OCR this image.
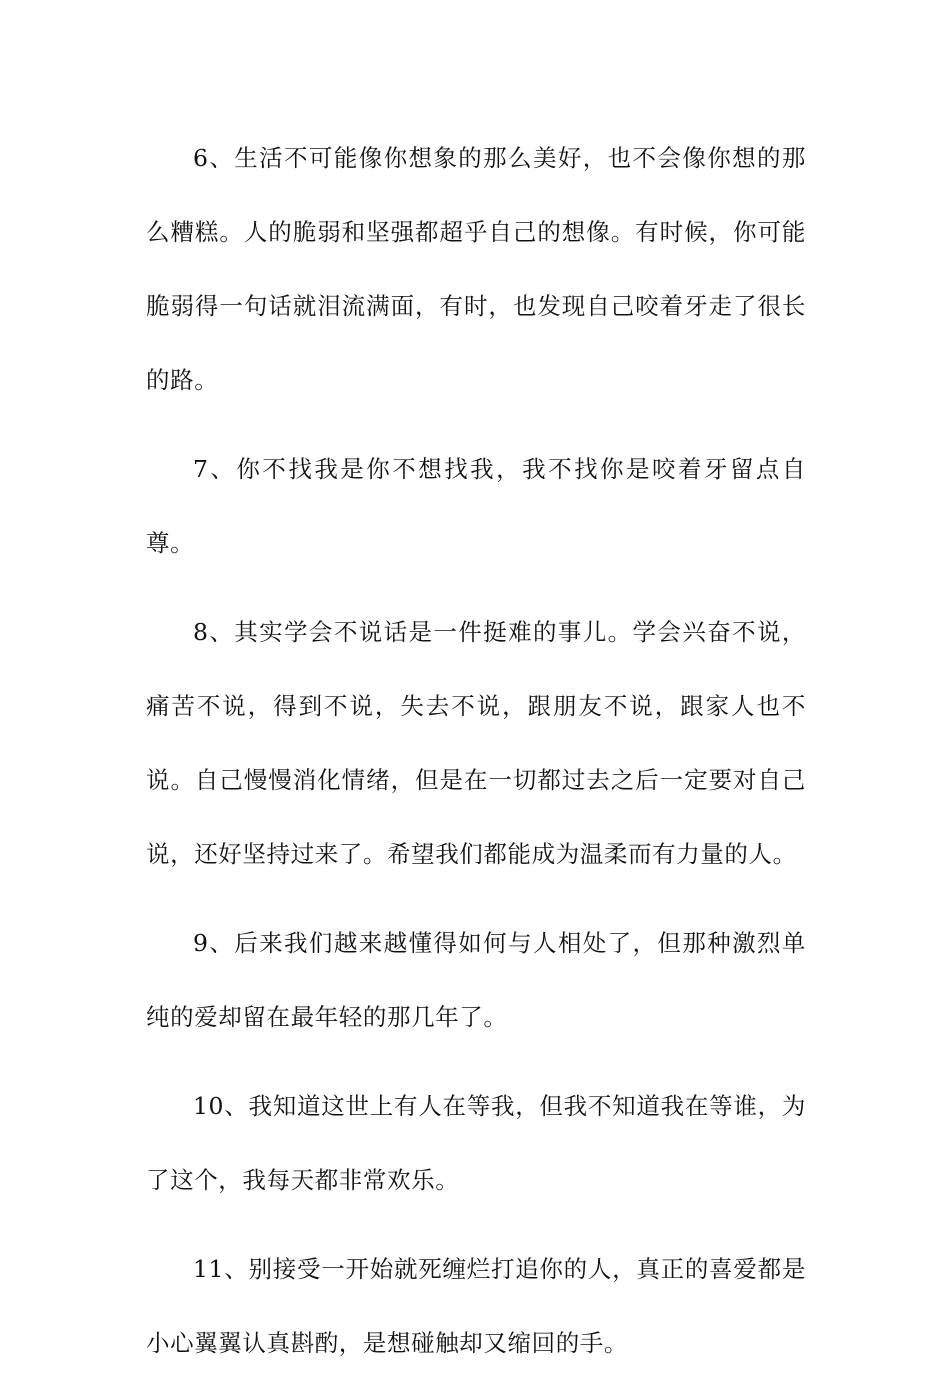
6、生活不可能像你想象的那么美好，也不会像你想的那么糟糕。人的脆弱和坚强都超乎自己的想像。有时候，你可能脆弱得一句话就泪流满面，有时，也发现自己咬着牙走了很长的路。

7、你不找我是你不想找我，我不找你是咬着牙留点自尊。

8、其实学会不说话是一件挺难的事儿。学会兴奋不说，痛苦不说，得到不说，失去不说，跟朋友不说，跟家人也不说。自己慢慢消化情绪，但是在一切都过去之后一定要对自己说，还好坚持过来了。希望我们都能成为温柔而有力量的人。

9、后来我们越来越懂得如何与人相处了，但那种激烈单纯的爱却留在最年轻的那几年了。

10、我知道这世上有人在等我，但我不知道我在等谁，为了这个，我每天都非常欢乐。

11、别接受一开始就死缠烂打追你的人，真正的喜爱都是小心翼翼认真斟酌，是想碰触却又缩回的手。
